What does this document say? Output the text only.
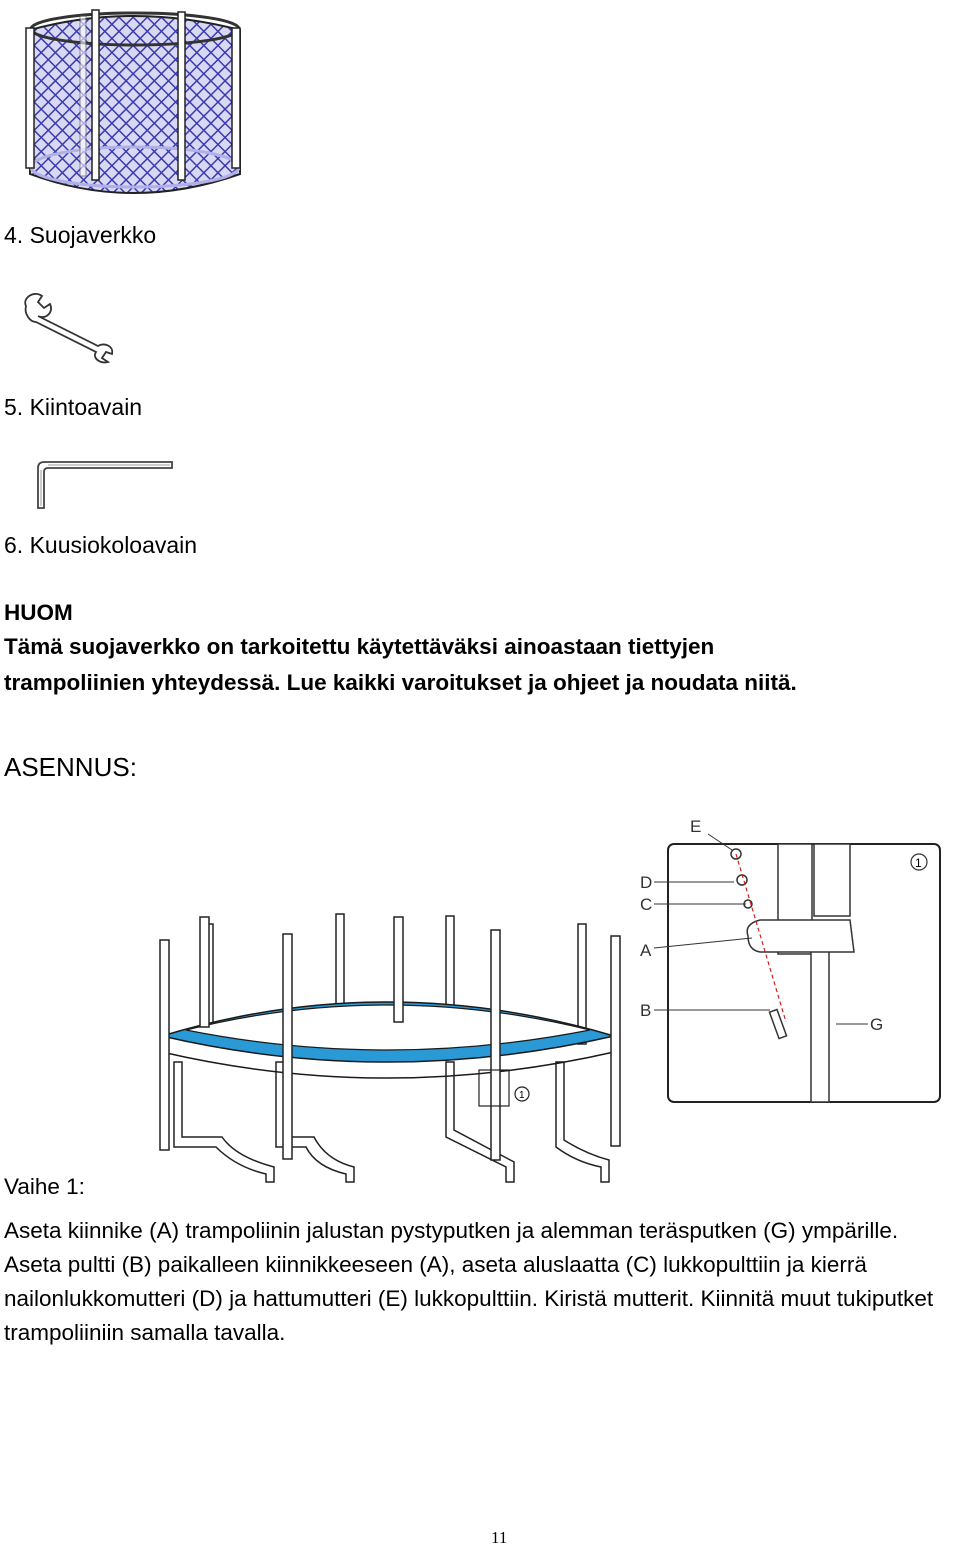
4. Suojaverkko
5. Kiintoavain
6. Kuusiokoloavain
HUOM
Tämä suojaverkko on tarkoitettu käytettäväksi ainoastaan tiettyjen
trampoliinien yhteydessä. Lue kaikki varoitukset ja ohjeet ja noudata niitä.
ASENNUS:
1
E
D
C
A
B
G
1
Vaihe 1:
Aseta kiinnike (A) trampoliinin jalustan pystyputken ja alemman teräsputken (G) ympärille. Aseta pultti (B) paikalleen kiinnikkeeseen (A), aseta aluslaatta (C) lukkopulttiin ja kierrä nailonlukkomutteri (D) ja hattumutteri (E) lukkopulttiin. Kiristä mutterit. Kiinnitä muut tukiputket trampoliiniin samalla tavalla.
11
